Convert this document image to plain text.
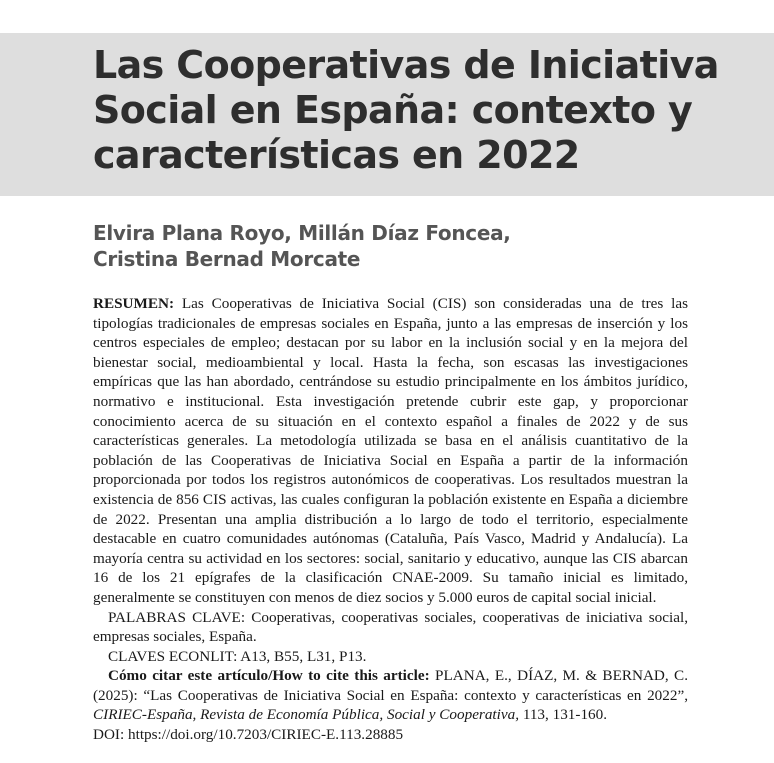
Las Cooperativas de Iniciativa Social en España: contexto y características en 2022
Elvira Plana Royo, Millán Díaz Foncea,
Cristina Bernad Morcate

RESUMEN: Las Cooperativas de Iniciativa Social (CIS) son consideradas una de tres las tipologías tradicionales de empresas sociales en España, junto a las empresas de inserción y los centros especiales de empleo; destacan por su labor en la inclusión social y en la mejora del bienestar social, medioambiental y local. Hasta la fecha, son escasas las investigaciones empíricas que las han abordado, centrándose su estudio principalmente en los ámbitos jurídico, normativo e institucional. Esta investigación pretende cubrir este gap, y proporcionar conocimiento acerca de su situación en el contexto español a finales de 2022 y de sus características generales. La metodología utilizada se basa en el análisis cuantitativo de la población de las Cooperativas de Iniciativa Social en España a partir de la información proporcionada por todos los registros autonómicos de cooperativas. Los resultados muestran la existencia de 856 CIS activas, las cuales configuran la población existente en España a diciembre de 2022. Presentan una amplia distribución a lo largo de todo el territorio, especialmente destacable en cuatro comunidades autónomas (Cataluña, País Vasco, Madrid y Andalucía). La mayoría centra su actividad en los sectores: social, sanitario y educativo, aunque las CIS abarcan 16 de los 21 epígrafes de la clasificación CNAE-2009. Su tamaño inicial es limitado, generalmente se constituyen con menos de diez socios y 5.000 euros de capital social inicial.

PALABRAS CLAVE: Cooperativas, cooperativas sociales, cooperativas de iniciativa social, empresas sociales, España.

CLAVES ECONLIT: A13, B55, L31, P13.

Cómo citar este artículo/How to cite this article: PLANA, E., DÍAZ, M. & BERNAD, C. (2025): “Las Cooperativas de Iniciativa Social en España: contexto y características en 2022”, CIRIEC-España, Revista de Economía Pública, Social y Cooperativa, 113, 131-160.

DOI: https://doi.org/10.7203/CIRIEC-E.113.28885
